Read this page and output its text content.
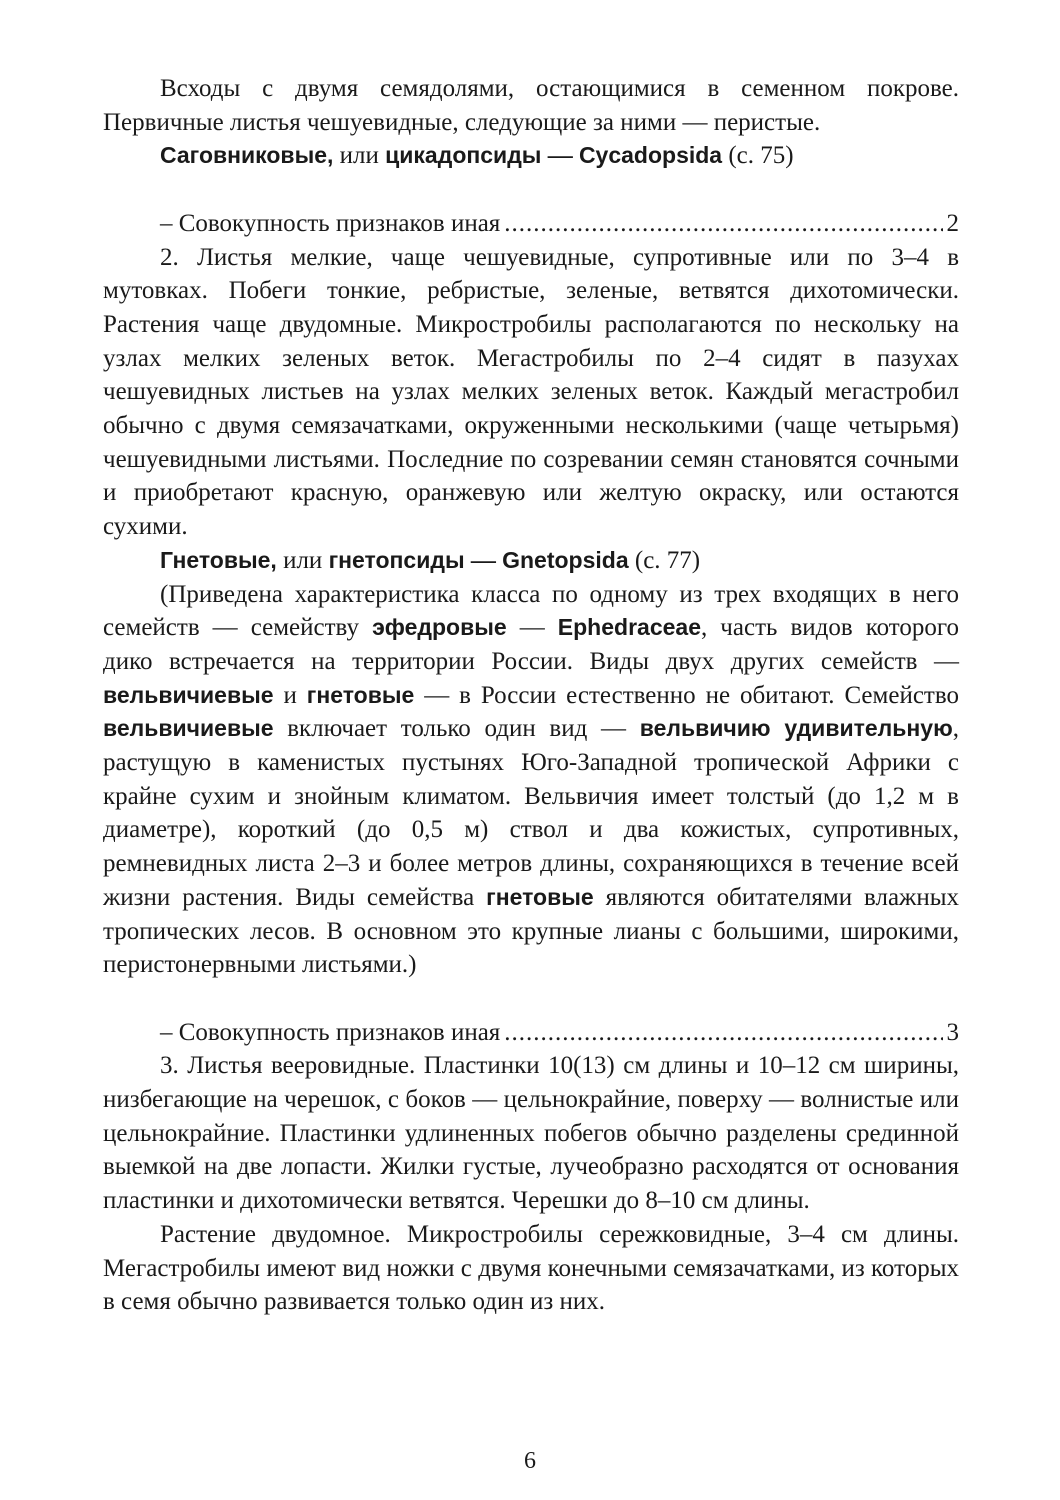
Всходы с двумя семядолями, остающимися в семенном покрове. Первичные листья чешуевидные, следующие за ними — перистые.

Саговниковые, или цикадопсиды — Cycadopsida (с. 75)

– Совокупность признаков иная .....	2

2. Листья мелкие, чаще чешуевидные, супротивные или по 3–4 в мутовках. Побеги тонкие, ребристые, зеленые, ветвятся дихотомически. Растения чаще двудомные. Микростробилы располагаются по нескольку на узлах мелких зеленых веток. Мегастробилы по 2–4 сидят в пазухах чешуевидных листьев на узлах мелких зеленых веток. Каждый мегастробил обычно с двумя семязачатками, окруженными несколькими (чаще четырьмя) чешуевидными листьями. Последние по созревании семян становятся сочными и приобретают красную, оранжевую или желтую окраску, или остаются сухими.

Гнетовые, или гнетопсиды — Gnetopsida (с. 77)

(Приведена характеристика класса по одному из трех входящих в него семейств — семейству эфедровые — Ephedraceae, часть видов которого дико встречается на территории России. Виды двух других семейств — вельвичиевые и гнетовые — в России естественно не обитают. Семейство вельвичиевые включает только один вид — вельвичию удивительную, растущую в каменистых пустынях Юго-Западной тропической Африки с крайне сухим и знойным климатом. Вельвичия имеет толстый (до 1,2 м в диаметре), короткий (до 0,5 м) ствол и два кожистых, супротивных, ремневидных листа 2–3 и более метров длины, сохраняющихся в течение всей жизни растения. Виды семейства гнетовые являются обитателями влажных тропических лесов. В основном это крупные лианы с большими, широкими, перистонервными листьями.)

– Совокупность признаков иная .....	3

3. Листья вееровидные. Пластинки 10(13) см длины и 10–12 см ширины, низбегающие на черешок, с боков — цельнокрайние, поверху — волнистые или цельнокрайние. Пластинки удлиненных побегов обычно разделены срединной выемкой на две лопасти. Жилки густые, лучеобразно расходятся от основания пластинки и дихотомически ветвятся. Черешки до 8–10 см длины.

Растение двудомное. Микростробилы сережковидные, 3–4 см длины. Мегастробилы имеют вид ножки с двумя конечными семязачатками, из которых в семя обычно развивается только один из них.

6
